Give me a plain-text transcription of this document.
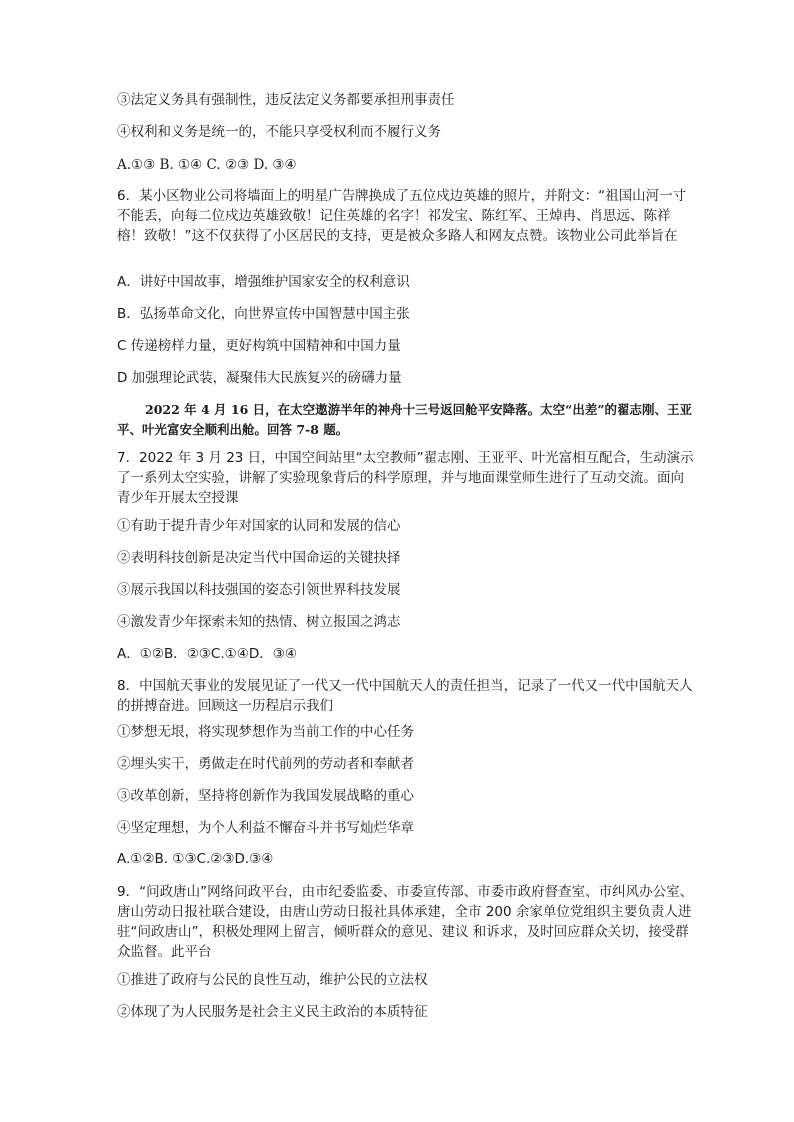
③法定义务具有强制性，违反法定义务都要承担刑事责任
④权利和义务是统一的，不能只享受权利而不履行义务
A.①③ B. ①④ C. ②③ D. ③④
6．某小区物业公司将墙面上的明星广告牌换成了五位戍边英雄的照片，并附文：“祖国山河一寸不能丢，向每二位戍边英雄致敬！记住英雄的名字！祁发宝、陈红军、王焯冉、肖思远、陈祥榕！致敬！”这不仅获得了小区居民的支持，更是被众多路人和网友点赞。该物业公司此举旨在
A．讲好中国故事，增强维护国家安全的权利意识
B．弘扬革命文化，向世界宣传中国智慧中国主张
C 传递榜样力量，更好构筑中国精神和中国力量
D 加强理论武装，凝聚伟大民族复兴的磅礴力量
2022 年 4 月 16 日，在太空遨游半年的神舟十三号返回舱平安降落。太空“出差”的翟志刚、王亚平、叶光富安全顺利出舱。回答 7-8 题。
7．2022 年 3 月 23 日，中国空间站里“太空教师”翟志刚、王亚平、叶光富相互配合，生动演示了一系列太空实验，讲解了实验现象背后的科学原理，并与地面课堂师生进行了互动交流。面向青少年开展太空授课
①有助于提升青少年对国家的认同和发展的信心
②表明科技创新是决定当代中国命运的关键抉择
③展示我国以科技强国的姿态引领世界科技发展
④激发青少年探索未知的热情、树立报国之鸿志
A．①②B．②③C.①④D．③④
8．中国航天事业的发展见证了一代又一代中国航天人的责任担当，记录了一代又一代中国航天人的拼搏奋进。回顾这一历程启示我们
①梦想无垠，将实现梦想作为当前工作的中心任务
②埋头实干，勇做走在时代前列的劳动者和奉献者
③改革创新，坚持将创新作为我国发展战略的重心
④坚定理想，为个人利益不懈奋斗并书写灿烂华章
A.①②B. ①③C.②③D.③④
9．“问政唐山”网络问政平台，由市纪委监委、市委宣传部、市委市政府督查室、市纠风办公室、唐山劳动日报社联合建设，由唐山劳动日报社具体承建，全市 200 余家单位党组织主要负责人进驻“问政唐山”，积极处理网上留言，倾听群众的意见、建议 和诉求，及时回应群众关切，接受群众监督。此平台
①推进了政府与公民的良性互动，维护公民的立法权
②体现了为人民服务是社会主义民主政治的本质特征
